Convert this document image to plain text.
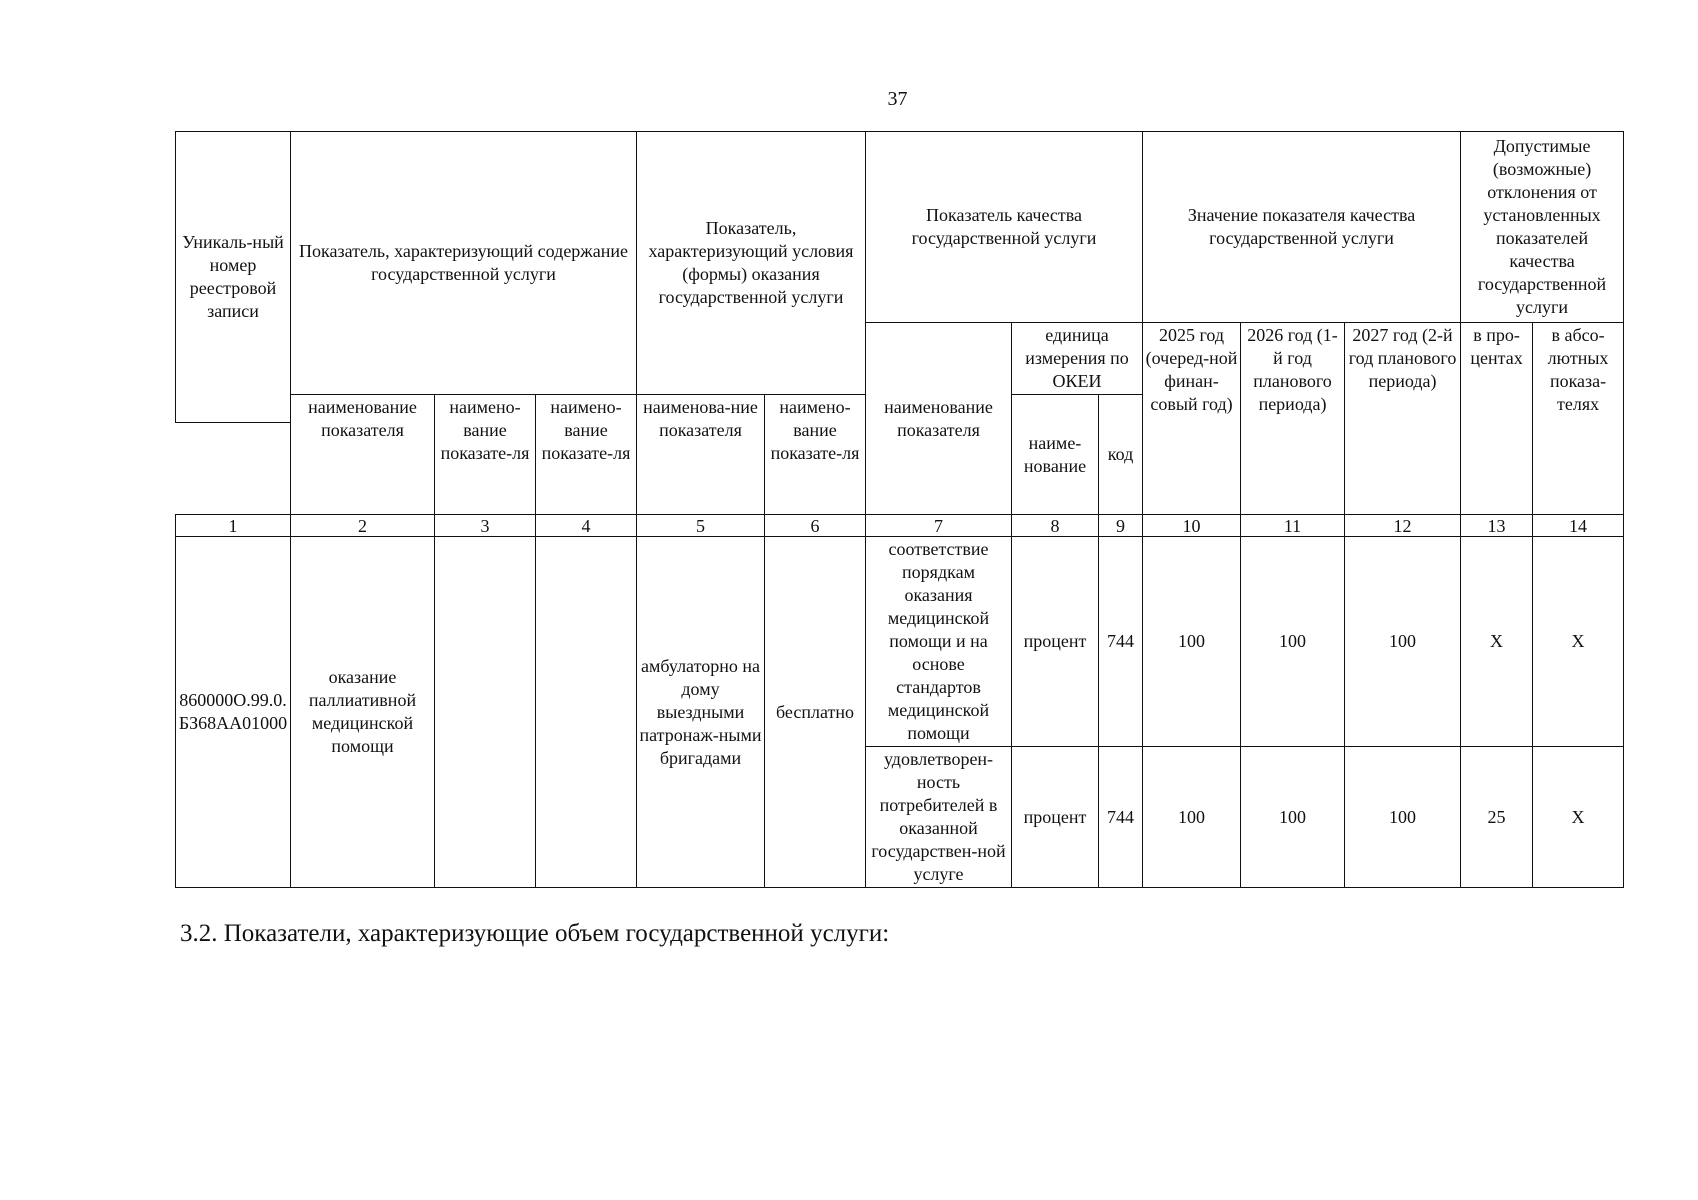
37
Уникаль-ный номер реестровой записи	Показатель, характеризующий содержание государственной услуги			Показатель, характеризующий условия (формы) оказания государственной услуги		Показатель качества государственной услуги			Значение показателя качества государственной услуги			Допустимые (возможные) отклонения от установленных показателей качества государственной услуги	
						наименование показателя	единица измерения по ОКЕИ		2025 год (очеред-ной финан-совый год)	2026 год (1-й год планового периода)	2027 год (2-й год планового периода)	в про-центах	в абсо-лютных показа-телях
	наименование показателя	наимено-вание показате-ля	наимено-вание показате-ля	наименова-ние показателя	наимено-вание показате-ля		наиме-нование	код					

1	2	3	4	5	6	7	8	9	10	11	12	13	14
860000О.99.0.БЗ68АА01000	оказание паллиативной медицинской помощи			амбулаторно на дому выездными патронаж-ными бригадами	бесплатно	соответствие порядкам оказания медицинской помощи и на основе стандартов медицинской помощи	процент	744	100	100	100	Х	Х
						удовлетворен-ность потребителей в оказанной государствен-ной услуге	процент	744	100	100	100	25	Х
3.2. Показатели, характеризующие объем государственной услуги:
